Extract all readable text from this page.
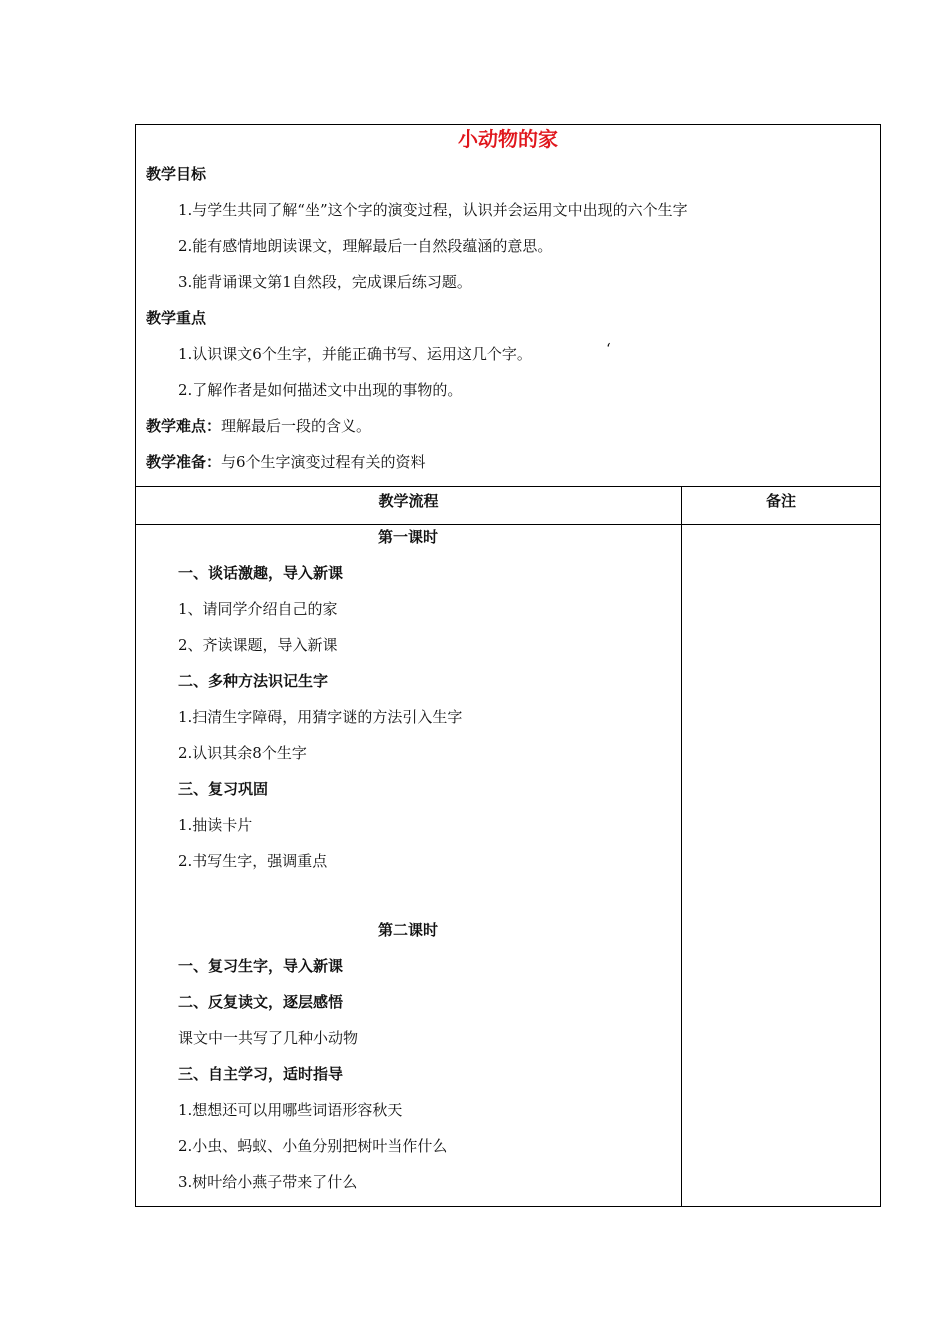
小动物的家
教学目标
1.与学生共同了解“坐”这个字的演变过程，认识并会运用文中出现的六个生字
2.能有感情地朗读课文，理解最后一自然段蕴涵的意思。
3.能背诵课文第1自然段，完成课后练习题。
教学重点
1.认识课文6个生字，并能正确书写、运用这几个字。	‘
2.了解作者是如何描述文中出现的事物的。
教学难点：理解最后一段的含义。
教学准备：与6个生字演变过程有关的资料
教学流程	备注
第一课时
一、谈话激趣，导入新课
1、请同学介绍自己的家
2、齐读课题，导入新课
二、多种方法识记生字
1.扫清生字障碍，用猜字谜的方法引入生字
2.认识其余8个生字
三、复习巩固
1.抽读卡片
2.书写生字，强调重点
第二课时
一、复习生字，导入新课
二、反复读文，逐层感悟
课文中一共写了几种小动物
三、自主学习，适时指导
1.想想还可以用哪些词语形容秋天
2.小虫、蚂蚁、小鱼分别把树叶当作什么
3.树叶给小燕子带来了什么
